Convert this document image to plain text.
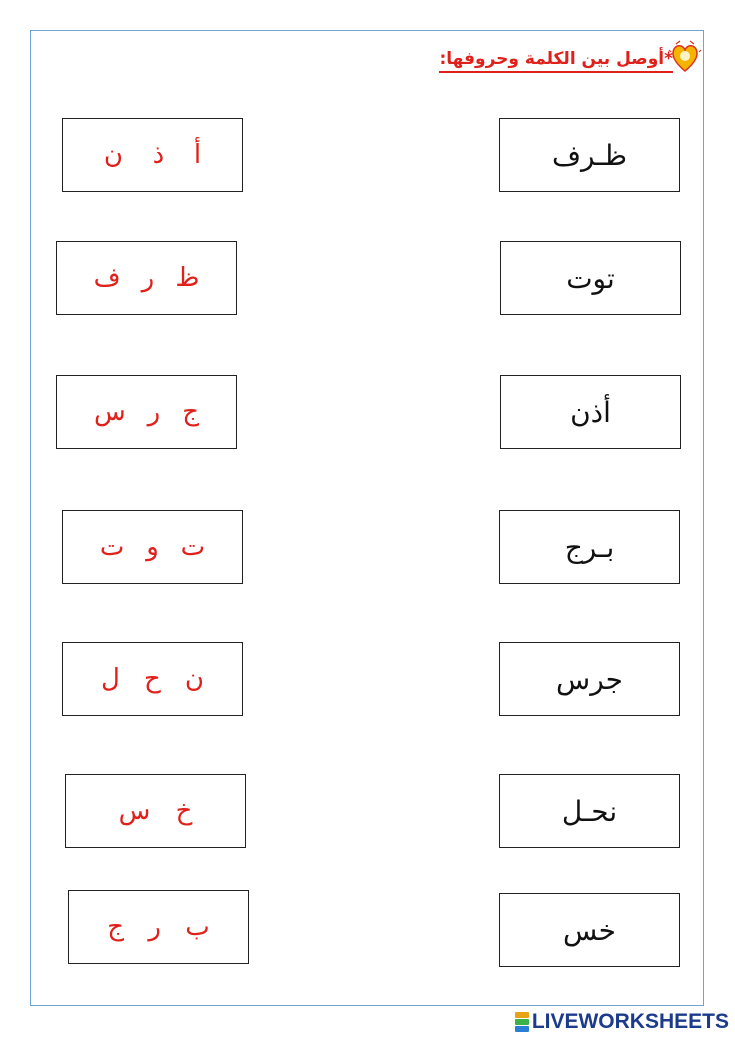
*أوصل بين الكلمة وحروفها:
ظـرف
توت
أذن
بـرج
جرس
نحـل
خس
أ
ذ
ن
ظ
ر
ف
ج
ر
س
ت
و
ت
ن
ح
ل
خ
س
ب
ر
ج
LIVEWORKSHEETS
